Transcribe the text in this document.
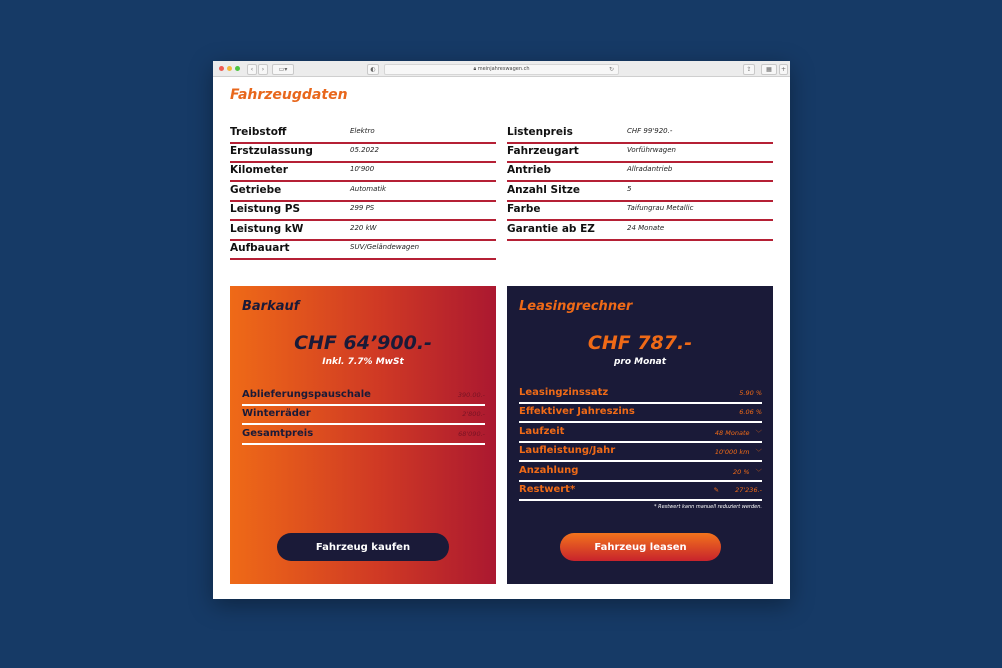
‹	›	▭▾	◐	🔒︎ meinjahreswagen.ch	↻	⇪	▦	+
Fahrzeugdaten
Treibstoff	Elektro
Erstzulassung	05.2022
Kilometer	10'900
Getriebe	Automatik
Leistung PS	299 PS
Leistung kW	220 kW
Aufbauart	SUV/Geländewagen
Listenpreis	CHF 99'920.-
Fahrzeugart	Vorführwagen
Antrieb	Allradantrieb
Anzahl Sitze	5
Farbe	Taifungrau Metallic
Garantie ab EZ	24 Monate
Barkauf
CHF 64’900.-
Inkl. 7.7% MwSt
Ablieferungspauschale	390.00.-
Winterräder	2'800.-
Gesamtpreis	68'090.-
Fahrzeug kaufen
Leasingrechner
CHF 787.-
pro Monat
Leasingzinssatz	5.90 %
Effektiver Jahreszins	6.06 %
Laufzeit	48 Monate ﹀
Laufleistung/Jahr	10'000 km ﹀
Anzahlung	20 % ﹀
Restwert*	✎ 27'236.-
* Restwert kann manuell reduziert werden.
Fahrzeug leasen
